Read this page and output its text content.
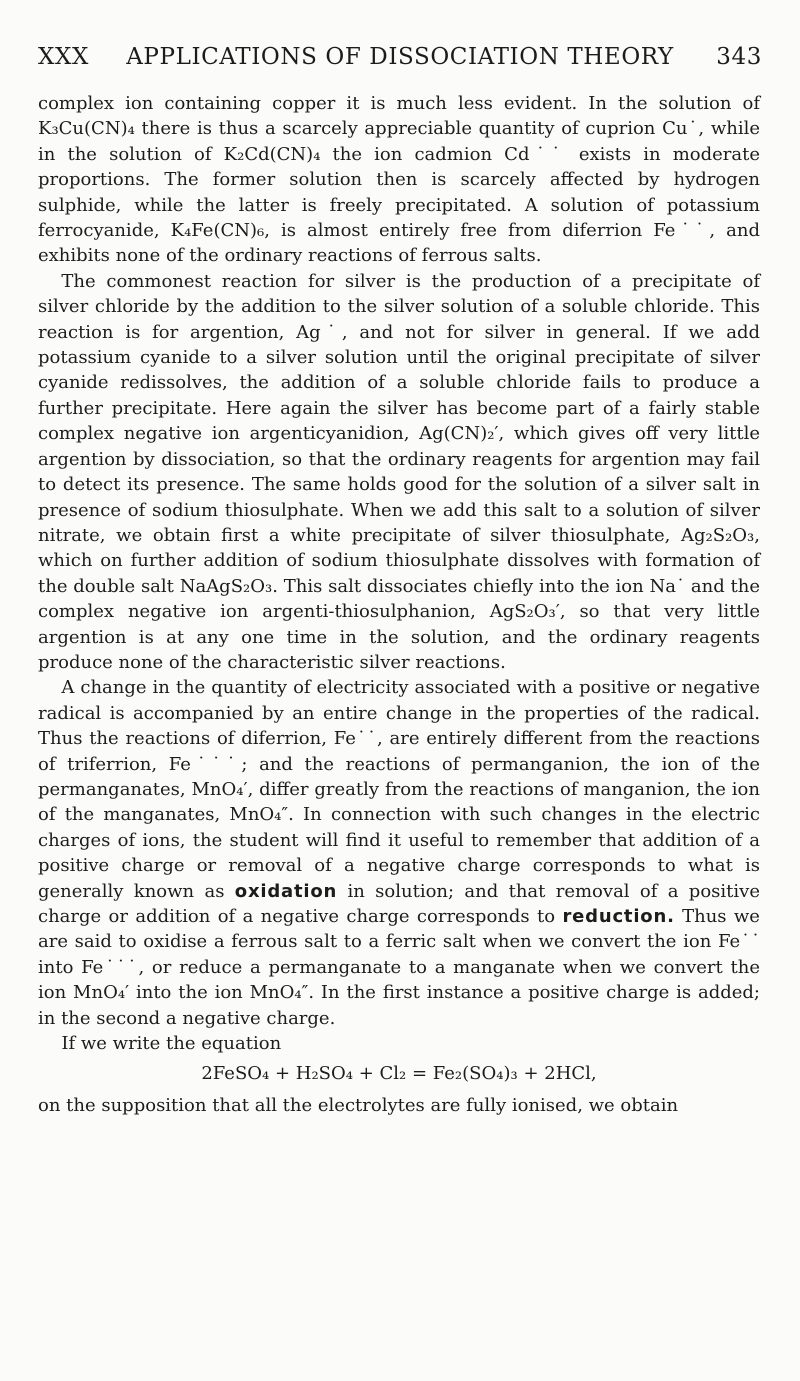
XXX	APPLICATIONS OF DISSOCIATION THEORY	343

complex ion containing copper it is much less evident. In the solution of K₃Cu(CN)₄ there is thus a scarcely appreciable quantity of cuprion Cu˙, while in the solution of K₂Cd(CN)₄ the ion cadmion Cd˙˙ exists in moderate proportions. The former solution then is scarcely affected by hydrogen sulphide, while the latter is freely precipitated. A solution of potassium ferrocyanide, K₄Fe(CN)₆, is almost entirely free from diferrion Fe˙˙, and exhibits none of the ordinary reactions of ferrous salts.

The commonest reaction for silver is the production of a precipitate of silver chloride by the addition to the silver solution of a soluble chloride. This reaction is for argention, Ag˙, and not for silver in general. If we add potassium cyanide to a silver solution until the original precipitate of silver cyanide redissolves, the addition of a soluble chloride fails to produce a further precipitate. Here again the silver has become part of a fairly stable complex negative ion argenticyanidion, Ag(CN)₂′, which gives off very little argention by dissociation, so that the ordinary reagents for argention may fail to detect its presence. The same holds good for the solution of a silver salt in presence of sodium thiosulphate. When we add this salt to a solution of silver nitrate, we obtain first a white precipitate of silver thiosulphate, Ag₂S₂O₃, which on further addition of sodium thiosulphate dissolves with formation of the double salt NaAgS₂O₃. This salt dissociates chiefly into the ion Na˙ and the complex negative ion argenti-thiosulphanion, AgS₂O₃′, so that very little argention is at any one time in the solution, and the ordinary reagents produce none of the characteristic silver reactions.

A change in the quantity of electricity associated with a positive or negative radical is accompanied by an entire change in the properties of the radical. Thus the reactions of diferrion, Fe˙˙, are entirely different from the reactions of triferrion, Fe˙˙˙; and the reactions of permanganion, the ion of the permanganates, MnO₄′, differ greatly from the reactions of manganion, the ion of the manganates, MnO₄″. In connection with such changes in the electric charges of ions, the student will find it useful to remember that addition of a positive charge or removal of a negative charge corresponds to what is generally known as oxidation in solution; and that removal of a positive charge or addition of a negative charge corresponds to reduction. Thus we are said to oxidise a ferrous salt to a ferric salt when we convert the ion Fe˙˙ into Fe˙˙˙, or reduce a permanganate to a manganate when we convert the ion MnO₄′ into the ion MnO₄″. In the first instance a positive charge is added; in the second a negative charge.

If we write the equation

2FeSO₄ + H₂SO₄ + Cl₂ = Fe₂(SO₄)₃ + 2HCl,

on the supposition that all the electrolytes are fully ionised, we obtain
